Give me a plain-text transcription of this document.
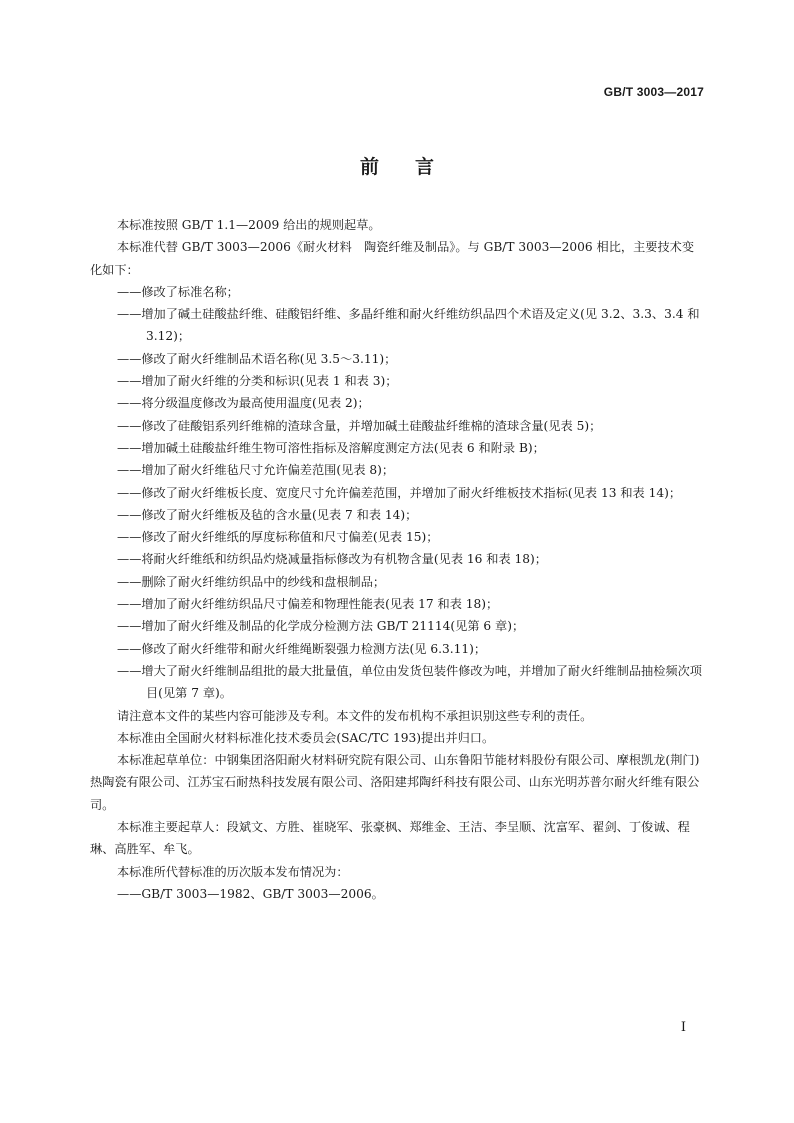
GB/T 3003—2017
前言

本标准按照 GB/T 1.1—2009 给出的规则起草。

本标准代替 GB/T 3003—2006《耐火材料　陶瓷纤维及制品》。与 GB/T 3003—2006 相比，主要技术变化如下：

——修改了标准名称；

——增加了碱土硅酸盐纤维、硅酸铝纤维、多晶纤维和耐火纤维纺织品四个术语及定义(见 3.2、3.3、3.4 和 3.12)；

——修改了耐火纤维制品术语名称(见 3.5～3.11)；

——增加了耐火纤维的分类和标识(见表 1 和表 3)；

——将分级温度修改为最高使用温度(见表 2)；

——修改了硅酸铝系列纤维棉的渣球含量，并增加碱土硅酸盐纤维棉的渣球含量(见表 5)；

——增加碱土硅酸盐纤维生物可溶性指标及溶解度测定方法(见表 6 和附录 B)；

——增加了耐火纤维毡尺寸允许偏差范围(见表 8)；

——修改了耐火纤维板长度、宽度尺寸允许偏差范围，并增加了耐火纤维板技术指标(见表 13 和表 14)；

——修改了耐火纤维板及毡的含水量(见表 7 和表 14)；

——修改了耐火纤维纸的厚度标称值和尺寸偏差(见表 15)；

——将耐火纤维纸和纺织品灼烧减量指标修改为有机物含量(见表 16 和表 18)；

——删除了耐火纤维纺织品中的纱线和盘根制品；

——增加了耐火纤维纺织品尺寸偏差和物理性能表(见表 17 和表 18)；

——增加了耐火纤维及制品的化学成分检测方法 GB/T 21114(见第 6 章)；

——修改了耐火纤维带和耐火纤维绳断裂强力检测方法(见 6.3.11)；

——增大了耐火纤维制品组批的最大批量值，单位由发货包装件修改为吨，并增加了耐火纤维制品抽检频次项目(见第 7 章)。

请注意本文件的某些内容可能涉及专利。本文件的发布机构不承担识别这些专利的责任。

本标准由全国耐火材料标准化技术委员会(SAC/TC 193)提出并归口。

本标准起草单位：中钢集团洛阳耐火材料研究院有限公司、山东鲁阳节能材料股份有限公司、摩根凯龙(荆门)热陶瓷有限公司、江苏宝石耐热科技发展有限公司、洛阳建邦陶纤科技有限公司、山东光明苏普尔耐火纤维有限公司。

本标准主要起草人：段斌文、方胜、崔晓军、张豪枫、郑维金、王洁、李呈顺、沈富军、翟剑、丁俊诚、程琳、高胜军、牟飞。

本标准所代替标准的历次版本发布情况为：

——GB/T 3003—1982、GB/T 3003—2006。

I
